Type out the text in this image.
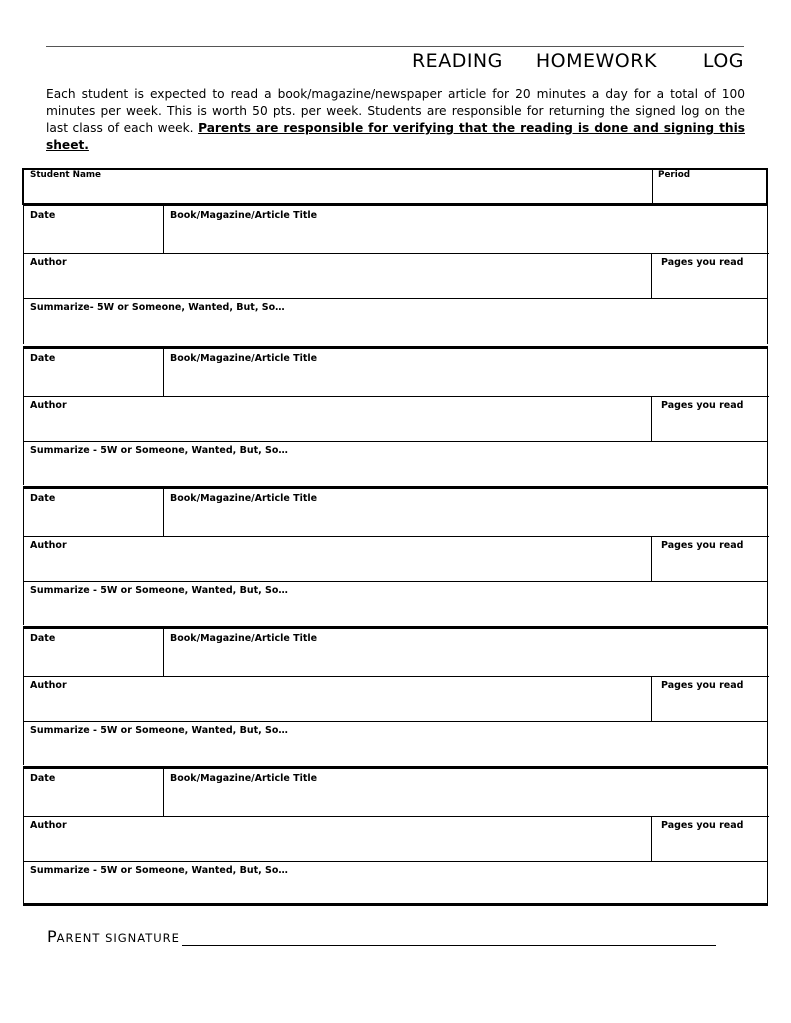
READING HOMEWORK LOG
Each student is expected to read a book/magazine/newspaper article for 20 minutes a day for a total of 100 minutes per week. This is worth 50 pts. per week. Students are responsible for returning the signed log on the last class of each week. Parents are responsible for verifying that the reading is done and signing this sheet.
Student Name	Period
Date	Book/Magazine/Article Title
Author	Pages you read
Summarize- 5W or Someone, Wanted, But, So…
Date	Book/Magazine/Article Title
Author	Pages you read
Summarize - 5W or Someone, Wanted, But, So…
Date	Book/Magazine/Article Title
Author	Pages you read
Summarize - 5W or Someone, Wanted, But, So…
Date	Book/Magazine/Article Title
Author	Pages you read
Summarize - 5W or Someone, Wanted, But, So…
Date	Book/Magazine/Article Title
Author	Pages you read
Summarize - 5W or Someone, Wanted, But, So…
PARENT SIGNATURE
